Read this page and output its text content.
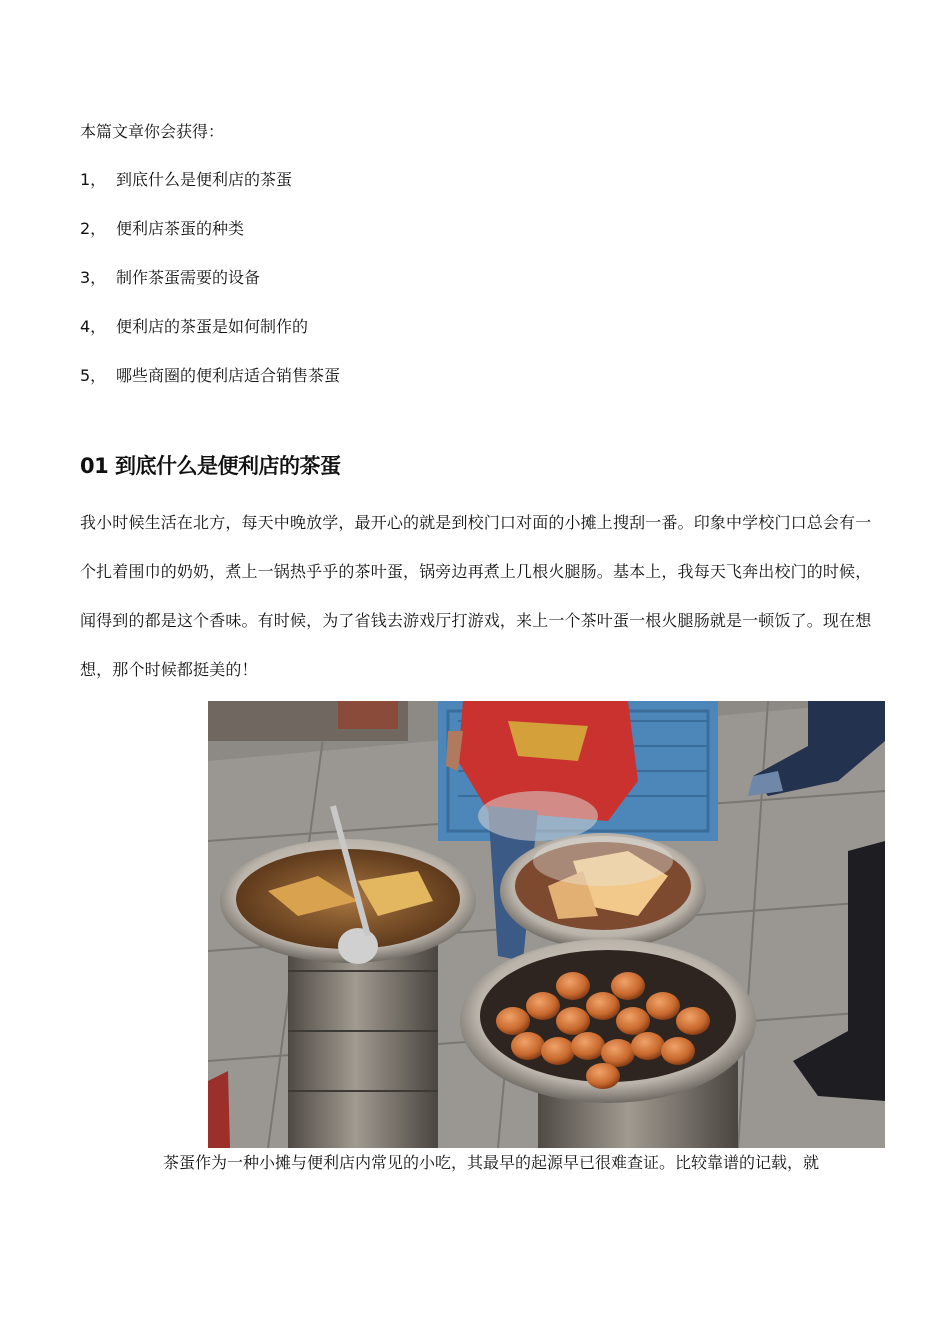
本篇文章你会获得：

1， 到底什么是便利店的茶蛋
2， 便利店茶蛋的种类
3， 制作茶蛋需要的设备
4， 便利店的茶蛋是如何制作的
5， 哪些商圈的便利店适合销售茶蛋
01 到底什么是便利店的茶蛋

我小时候生活在北方，每天中晚放学，最开心的就是到校门口对面的小摊上搜刮一番。印象中学校门口总会有一个扎着围巾的奶奶，煮上一锅热乎乎的茶叶蛋，锅旁边再煮上几根火腿肠。基本上，我每天飞奔出校门的时候，闻得到的都是这个香味。有时候，为了省钱去游戏厅打游戏，来上一个茶叶蛋一根火腿肠就是一顿饭了。现在想想，那个时候都挺美的！

茶蛋作为一种小摊与便利店内常见的小吃，其最早的起源早已很难查证。比较靠谱的记载，就
